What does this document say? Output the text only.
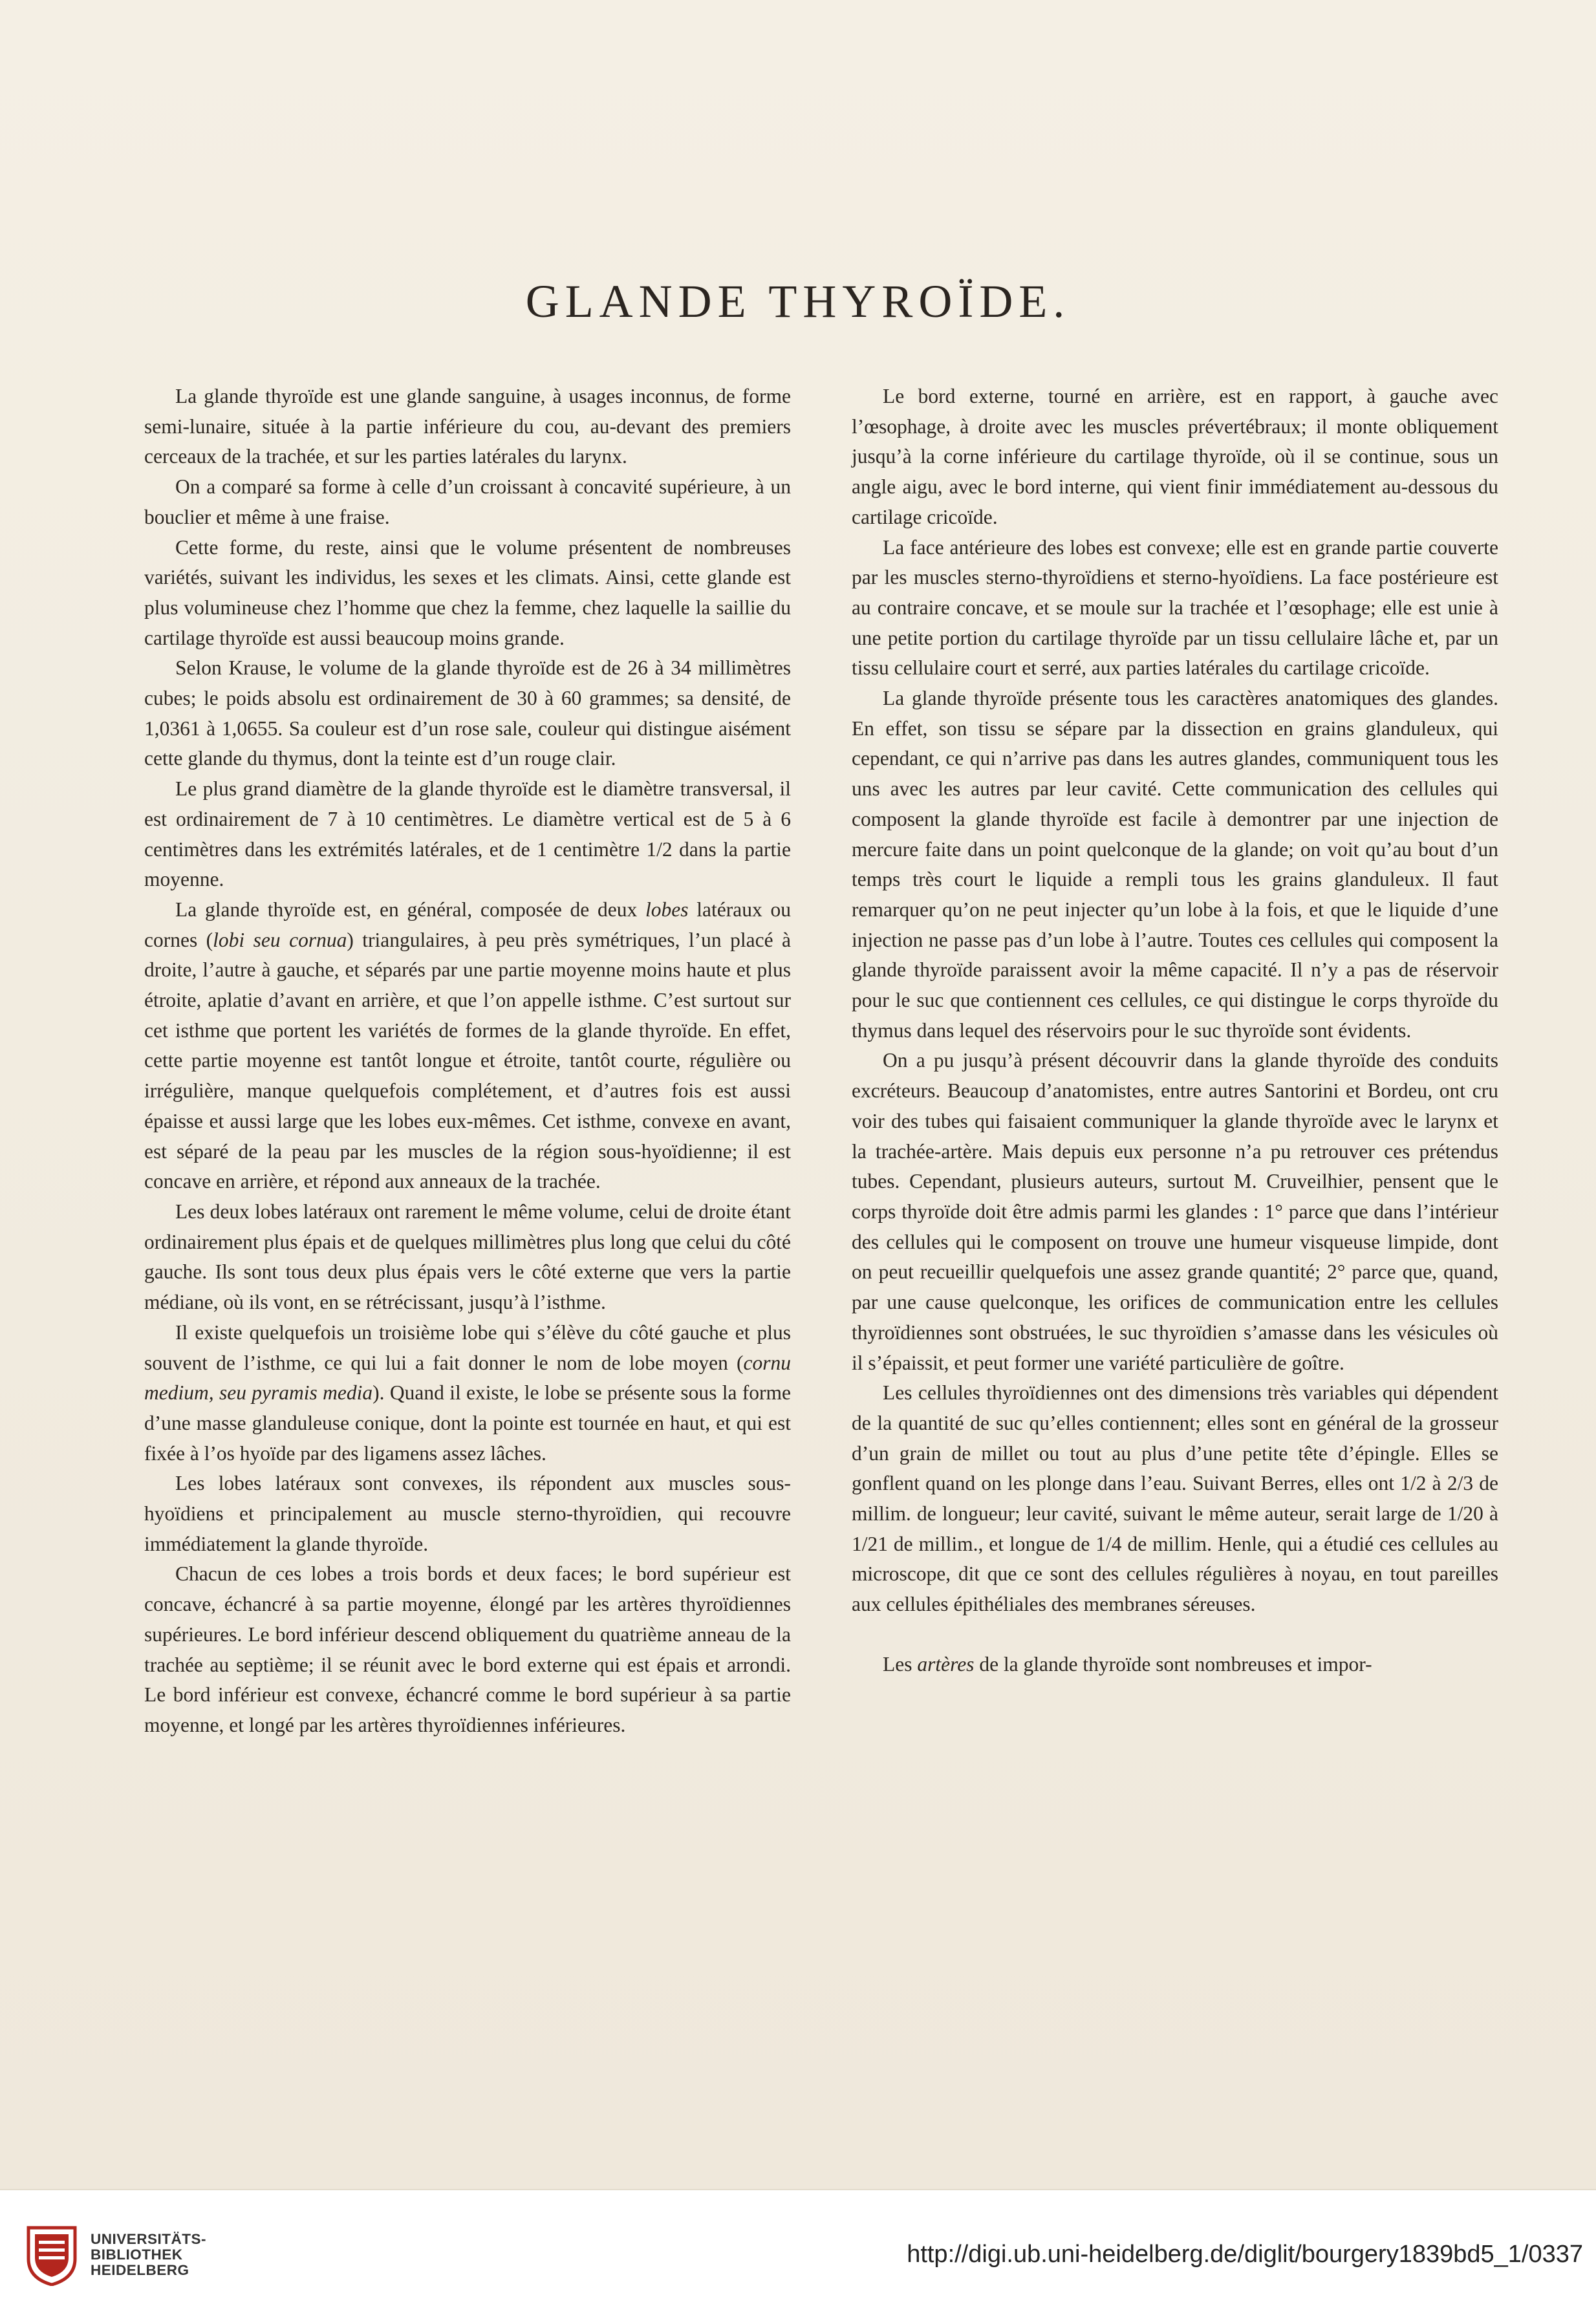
GLANDE THYROÏDE.

La glande thyroïde est une glande sanguine, à usages inconnus, de forme semi-lunaire, située à la partie inférieure du cou, au-devant des premiers cerceaux de la trachée, et sur les parties latérales du larynx.

On a comparé sa forme à celle d’un croissant à concavité supérieure, à un bouclier et même à une fraise.

Cette forme, du reste, ainsi que le volume présentent de nombreuses variétés, suivant les individus, les sexes et les climats. Ainsi, cette glande est plus volumineuse chez l’homme que chez la femme, chez laquelle la saillie du cartilage thyroïde est aussi beaucoup moins grande.

Selon Krause, le volume de la glande thyroïde est de 26 à 34 millimètres cubes; le poids absolu est ordinairement de 30 à 60 grammes; sa densité, de 1,0361 à 1,0655. Sa couleur est d’un rose sale, couleur qui distingue aisément cette glande du thymus, dont la teinte est d’un rouge clair.

Le plus grand diamètre de la glande thyroïde est le diamètre transversal, il est ordinairement de 7 à 10 centimètres. Le diamètre vertical est de 5 à 6 centimètres dans les extrémités latérales, et de 1 centimètre 1/2 dans la partie moyenne.

La glande thyroïde est, en général, composée de deux lobes latéraux ou cornes (lobi seu cornua) triangulaires, à peu près symétriques, l’un placé à droite, l’autre à gauche, et séparés par une partie moyenne moins haute et plus étroite, aplatie d’avant en arrière, et que l’on appelle isthme. C’est surtout sur cet isthme que portent les variétés de formes de la glande thyroïde. En effet, cette partie moyenne est tantôt longue et étroite, tantôt courte, régulière ou irrégulière, manque quelquefois complétement, et d’autres fois est aussi épaisse et aussi large que les lobes eux-mêmes. Cet isthme, convexe en avant, est séparé de la peau par les muscles de la région sous-hyoïdienne; il est concave en arrière, et répond aux anneaux de la trachée.

Les deux lobes latéraux ont rarement le même volume, celui de droite étant ordinairement plus épais et de quelques millimètres plus long que celui du côté gauche. Ils sont tous deux plus épais vers le côté externe que vers la partie médiane, où ils vont, en se rétrécissant, jusqu’à l’isthme.

Il existe quelquefois un troisième lobe qui s’élève du côté gauche et plus souvent de l’isthme, ce qui lui a fait donner le nom de lobe moyen (cornu medium, seu pyramis media). Quand il existe, le lobe se présente sous la forme d’une masse glanduleuse conique, dont la pointe est tournée en haut, et qui est fixée à l’os hyoïde par des ligamens assez lâches.

Les lobes latéraux sont convexes, ils répondent aux muscles sous-hyoïdiens et principalement au muscle sterno-thyroïdien, qui recouvre immédiatement la glande thyroïde.

Chacun de ces lobes a trois bords et deux faces; le bord supérieur est concave, échancré à sa partie moyenne, élongé par les artères thyroïdiennes supérieures. Le bord inférieur descend obliquement du quatrième anneau de la trachée au septième; il se réunit avec le bord externe qui est épais et arrondi. Le bord inférieur est convexe, échancré comme le bord supérieur à sa partie moyenne, et longé par les artères thyroïdiennes inférieures.

Le bord externe, tourné en arrière, est en rapport, à gauche avec l’œsophage, à droite avec les muscles prévertébraux; il monte obliquement jusqu’à la corne inférieure du cartilage thyroïde, où il se continue, sous un angle aigu, avec le bord interne, qui vient finir immédiatement au-dessous du cartilage cricoïde.

La face antérieure des lobes est convexe; elle est en grande partie couverte par les muscles sterno-thyroïdiens et sterno-hyoïdiens. La face postérieure est au contraire concave, et se moule sur la trachée et l’œsophage; elle est unie à une petite portion du cartilage thyroïde par un tissu cellulaire lâche et, par un tissu cellulaire court et serré, aux parties latérales du cartilage cricoïde.

La glande thyroïde présente tous les caractères anatomiques des glandes. En effet, son tissu se sépare par la dissection en grains glanduleux, qui cependant, ce qui n’arrive pas dans les autres glandes, communiquent tous les uns avec les autres par leur cavité. Cette communication des cellules qui composent la glande thyroïde est facile à demontrer par une injection de mercure faite dans un point quelconque de la glande; on voit qu’au bout d’un temps très court le liquide a rempli tous les grains glanduleux. Il faut remarquer qu’on ne peut injecter qu’un lobe à la fois, et que le liquide d’une injection ne passe pas d’un lobe à l’autre. Toutes ces cellules qui composent la glande thyroïde paraissent avoir la même capacité. Il n’y a pas de réservoir pour le suc que contiennent ces cellules, ce qui distingue le corps thyroïde du thymus dans lequel des réservoirs pour le suc thyroïde sont évidents.

On a pu jusqu’à présent découvrir dans la glande thyroïde des conduits excréteurs. Beaucoup d’anatomistes, entre autres Santorini et Bordeu, ont cru voir des tubes qui faisaient communiquer la glande thyroïde avec le larynx et la trachée-artère. Mais depuis eux personne n’a pu retrouver ces prétendus tubes. Cependant, plusieurs auteurs, surtout M. Cruveilhier, pensent que le corps thyroïde doit être admis parmi les glandes : 1° parce que dans l’intérieur des cellules qui le composent on trouve une humeur visqueuse limpide, dont on peut recueillir quelquefois une assez grande quantité; 2° parce que, quand, par une cause quelconque, les orifices de communication entre les cellules thyroïdiennes sont obstruées, le suc thyroïdien s’amasse dans les vésicules où il s’épaissit, et peut former une variété particulière de goître.

Les cellules thyroïdiennes ont des dimensions très variables qui dépendent de la quantité de suc qu’elles contiennent; elles sont en général de la grosseur d’un grain de millet ou tout au plus d’une petite tête d’épingle. Elles se gonflent quand on les plonge dans l’eau. Suivant Berres, elles ont 1/2 à 2/3 de millim. de longueur; leur cavité, suivant le même auteur, serait large de 1/20 à 1/21 de millim., et longue de 1/4 de millim. Henle, qui a étudié ces cellules au microscope, dit que ce sont des cellules régulières à noyau, en tout pareilles aux cellules épithéliales des membranes séreuses.

Les artères de la glande thyroïde sont nombreuses et impor-

UNIVERSITÄTS-
BIBLIOTHEK
HEIDELBERG
http://digi.ub.uni-heidelberg.de/diglit/bourgery1839bd5_1/0337
